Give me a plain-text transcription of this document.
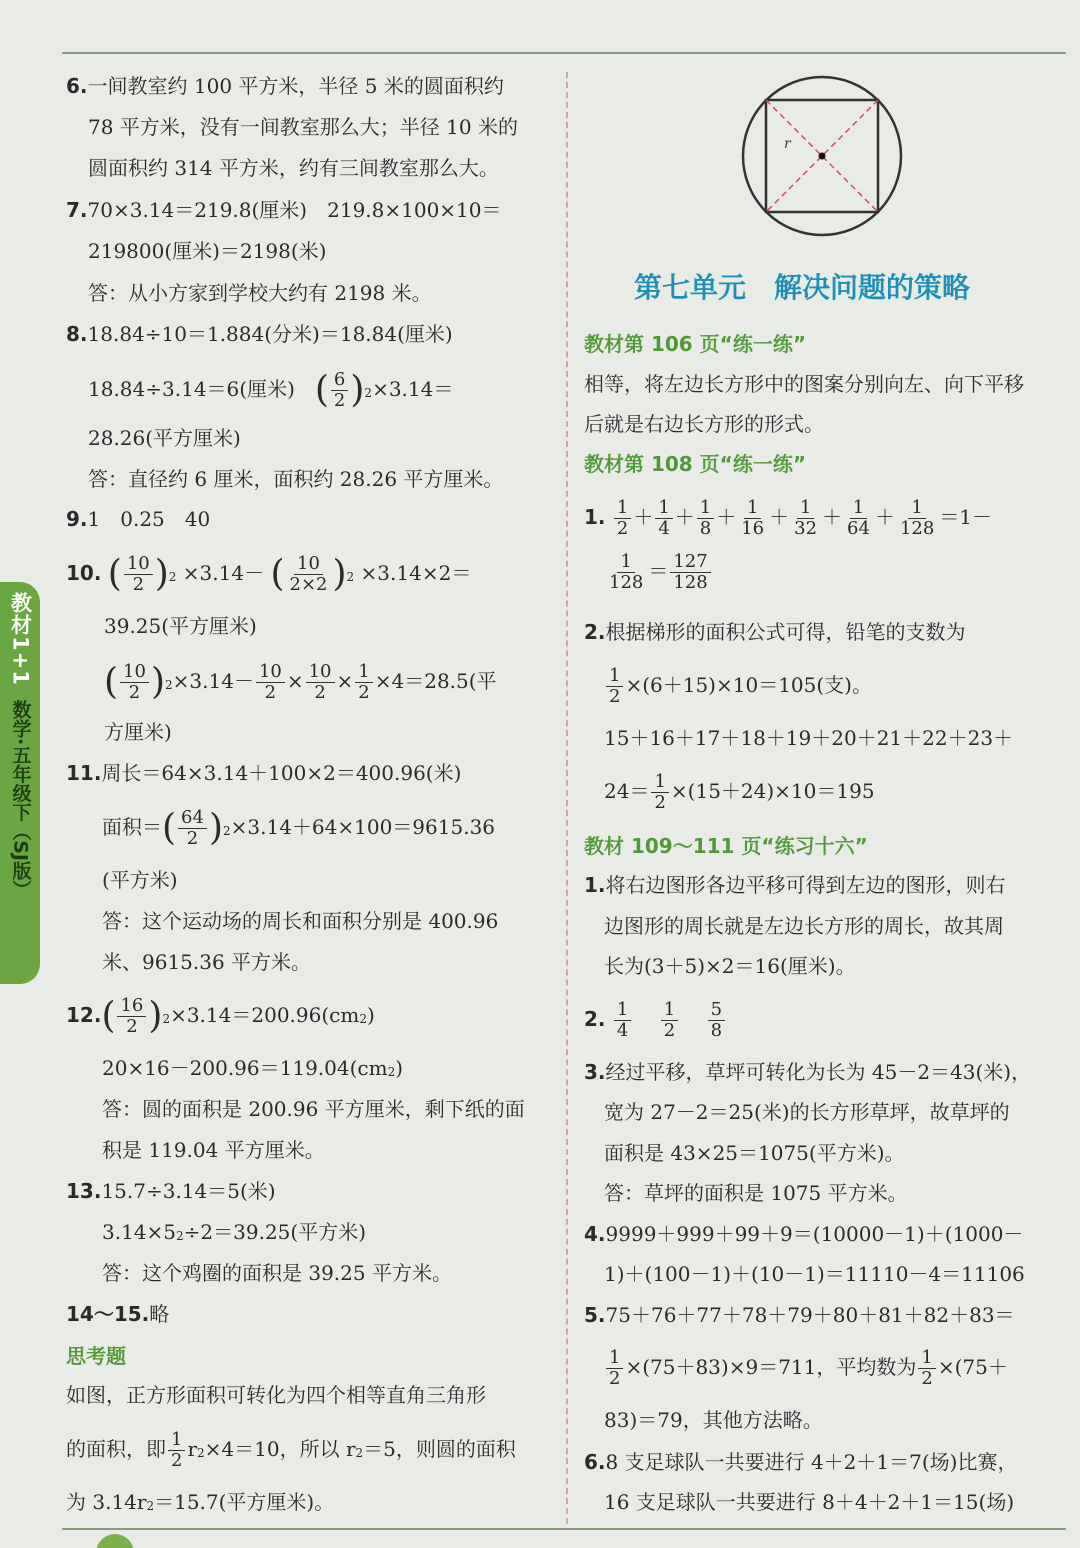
教材1+1
数学·五年级下（SJ版）
6.一间教室约 100 平方米，半径 5 米的圆面积约
78 平方米，没有一间教室那么大；半径 10 米的
圆面积约 314 平方米，约有三间教室那么大。
7.70×3.14＝219.8(厘米)　219.8×100×10＝
219800(厘米)＝2198(米)
答：从小方家到学校大约有 2198 米。
8.18.84÷10＝1.884(分米)＝18.84(厘米)
18.84÷3.14＝6(厘米)　( $\frac{6}{2} )^2\times 3.14=$
28.26(平方厘米)
答：直径约 6 厘米，面积约 28.26 平方厘米。
9.1　0.25　40
10. ( $\frac{10}{2} )^2 \times 3.14-$ ( $\frac{10}{2\times 2} )^2 \times 3.14\times 2=$
39.25(平方厘米)
( $\frac{10}{2} )^2\times 3.14- \frac{10}{2} \times \frac{10}{2} \times \frac{1}{2} \times 4=28.5$(平
方厘米)
11.周长＝64×3.14＋100×2＝400.96(米)
面积＝( $\frac{64}{2} )^2\times 3.14+64\times 100=9615.36$
(平方米)
答：这个运动场的周长和面积分别是 400.96
米、9615.36 平方米。
$12.( \frac{16}{2} )^2\times 3.14=200.96(cm^2)$
$20\times 16-200.96=119.04(cm^2)$
答：圆的面积是 200.96 平方厘米，剩下纸的面
积是 119.04 平方厘米。
13.15.7÷3.14＝5(米)
$3.14\times 5^2\div 2=39.25$(平方米)
答：这个鸡圈的面积是 39.25 平方米。
14～15.略
思考题
如图，正方形面积可转化为四个相等直角三角形
的面积，即 $\frac{1}{2} r^2\times 4=10$，所以 $r^2=5$，则圆的面积
为 $3.14r^2=15.7$(平方厘米)。
r
第七单元　解决问题的策略
教材第 106 页“练一练”
相等，将左边长方形中的图案分别向左、向下平移
后就是右边长方形的形式。
教材第 108 页“练一练”
1. $\frac{1}{2} + \frac{1}{4} + \frac{1}{8} + \frac{1}{16} + \frac{1}{32} + \frac{1}{64} + \frac{1}{128} =1-$
$\frac{1}{128} = \frac{127}{128}$
2.根据梯形的面积公式可得，铅笔的支数为
$\frac{1}{2} \times(6+15)\times 10=105$(支)。
15＋16＋17＋18＋19＋20＋21＋22＋23＋
$24= \frac{1}{2} \times(15+24)\times 10=195$
教材 109～111 页“练习十六”
1.将右边图形各边平移可得到左边的图形，则右
边图形的周长就是左边长方形的周长，故其周
长为(3＋5)×2＝16(厘米)。
2. $\frac{1}{4}$
$\frac{1}{2}$
$\frac{5}{8}$
3.经过平移，草坪可转化为长为 45－2＝43(米)，
宽为 27－2＝25(米)的长方形草坪，故草坪的
面积是 43×25＝1075(平方米)。
答：草坪的面积是 1075 平方米。
4.9999＋999＋99＋9＝(10000－1)＋(1000－
1)＋(100－1)＋(10－1)＝11110－4＝11106
5.75＋76＋77＋78＋79＋80＋81＋82＋83＝
$\frac{1}{2} \times(75+83)\times 9=711$，平均数为 $\frac{1}{2} \times(75+$
83)＝79，其他方法略。
6.8 支足球队一共要进行 4＋2＋1＝7(场)比赛，
16 支足球队一共要进行 8＋4＋2＋1＝15(场)
